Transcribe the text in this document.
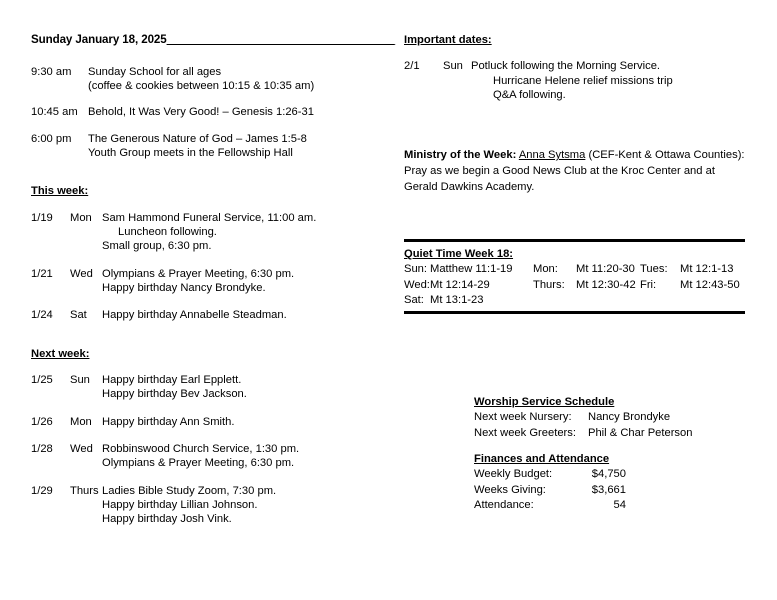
Sunday January 18, 2025_______________________________________
9:30 am	Sunday School for all ages
(coffee & cookies between 10:15 & 10:35 am)
10:45 am Behold, It Was Very Good! – Genesis 1:26-31
6:00 pm	The Generous Nature of God – James 1:5-8
Youth Group meets in the Fellowship Hall
This week:
1/19	Mon Sam Hammond Funeral Service, 11:00 am.
Luncheon following.
Small group, 6:30 pm.
1/21	Wed Olympians & Prayer Meeting, 6:30 pm.
Happy birthday Nancy Brondyke.
1/24	Sat	Happy birthday Annabelle Steadman.
Next week:
1/25	Sun	Happy birthday Earl Epplett.
Happy birthday Bev Jackson.
1/26	Mon Happy birthday Ann Smith.
1/28	Wed Robbinswood Church Service, 1:30 pm.
Olympians & Prayer Meeting, 6:30 pm.
1/29	Thurs Ladies Bible Study Zoom, 7:30 pm.
Happy birthday Lillian Johnson.
Happy birthday Josh Vink.
Important dates:
2/1	Sun Potluck following the Morning Service.
Hurricane Helene relief missions trip
Q&A following.
Ministry of the Week: Anna Sytsma (CEF-Kent & Ottawa Counties): Pray as we begin a Good News Club at the Kroc Center and at Gerald Dawkins Academy.
Quiet Time Week 18:
Sun: Matthew 11:1-19	Mon:	Mt 11:20-30 Tues:	Mt 12:1-13
Wed: Mt 12:14-29	Thurs:	Mt 12:30-42 Fri:	Mt 12:43-50
Sat: Mt 13:1-23
Worship Service Schedule
Next week Nursery:	Nancy Brondyke
Next week Greeters:	Phil & Char Peterson
Finances and Attendance
Weekly Budget:	$4,750
Weeks Giving:	$3,661
Attendance:	54
